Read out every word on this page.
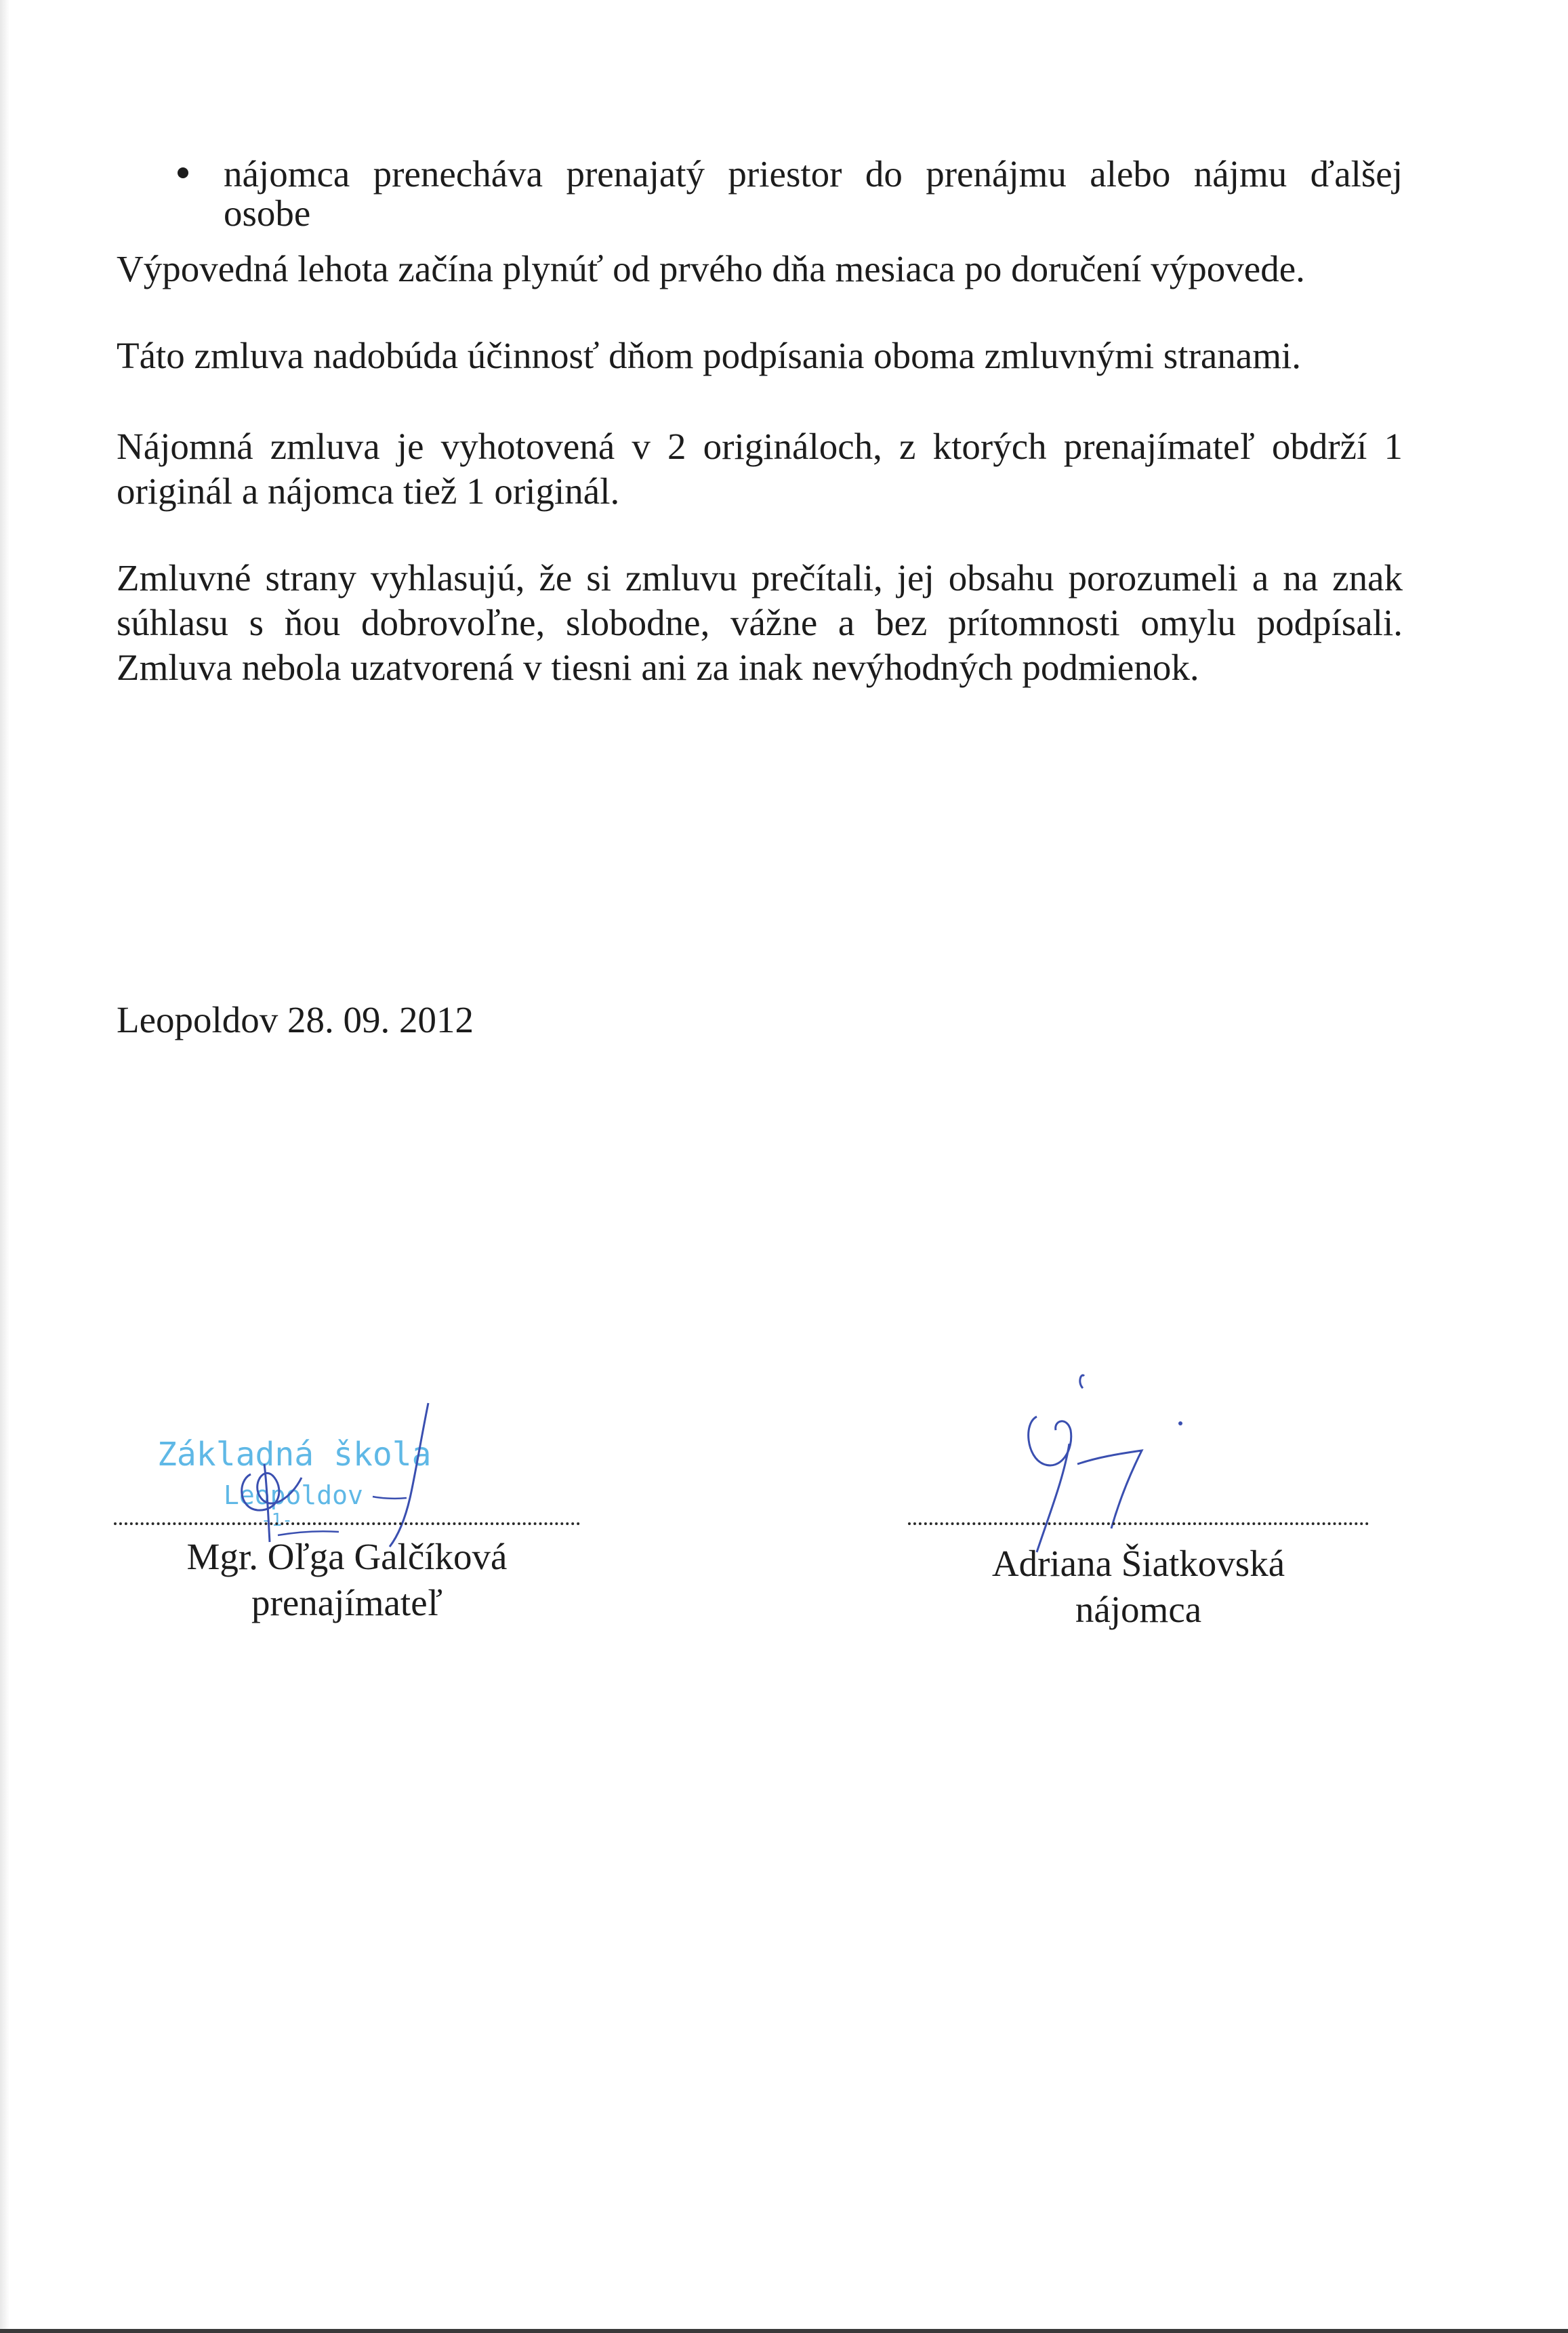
nájomca prenecháva prenajatý priestor do prenájmu alebo nájmu ďalšej

osobe

Výpovedná lehota začína plynúť od prvého dňa mesiaca po doručení výpovede.

Táto zmluva nadobúda účinnosť dňom podpísania oboma zmluvnými stranami.

Nájomná zmluva je vyhotovená v 2 origináloch, z ktorých prenajímateľ obdrží 1

originál a nájomca tiež 1 originál.

Zmluvné strany vyhlasujú, že si zmluvu prečítali, jej obsahu porozumeli a na znak

súhlasu s ňou dobrovoľne, slobodne, vážne a bez prítomnosti omylu podpísali.

Zmluva nebola uzatvorená v tiesni ani za inak nevýhodných podmienok.

Leopoldov 28. 09. 2012

Základná škola

Leopoldov

-1-

Mgr. Oľga Galčíková

prenajímateľ

Adriana Šiatkovská

nájomca
